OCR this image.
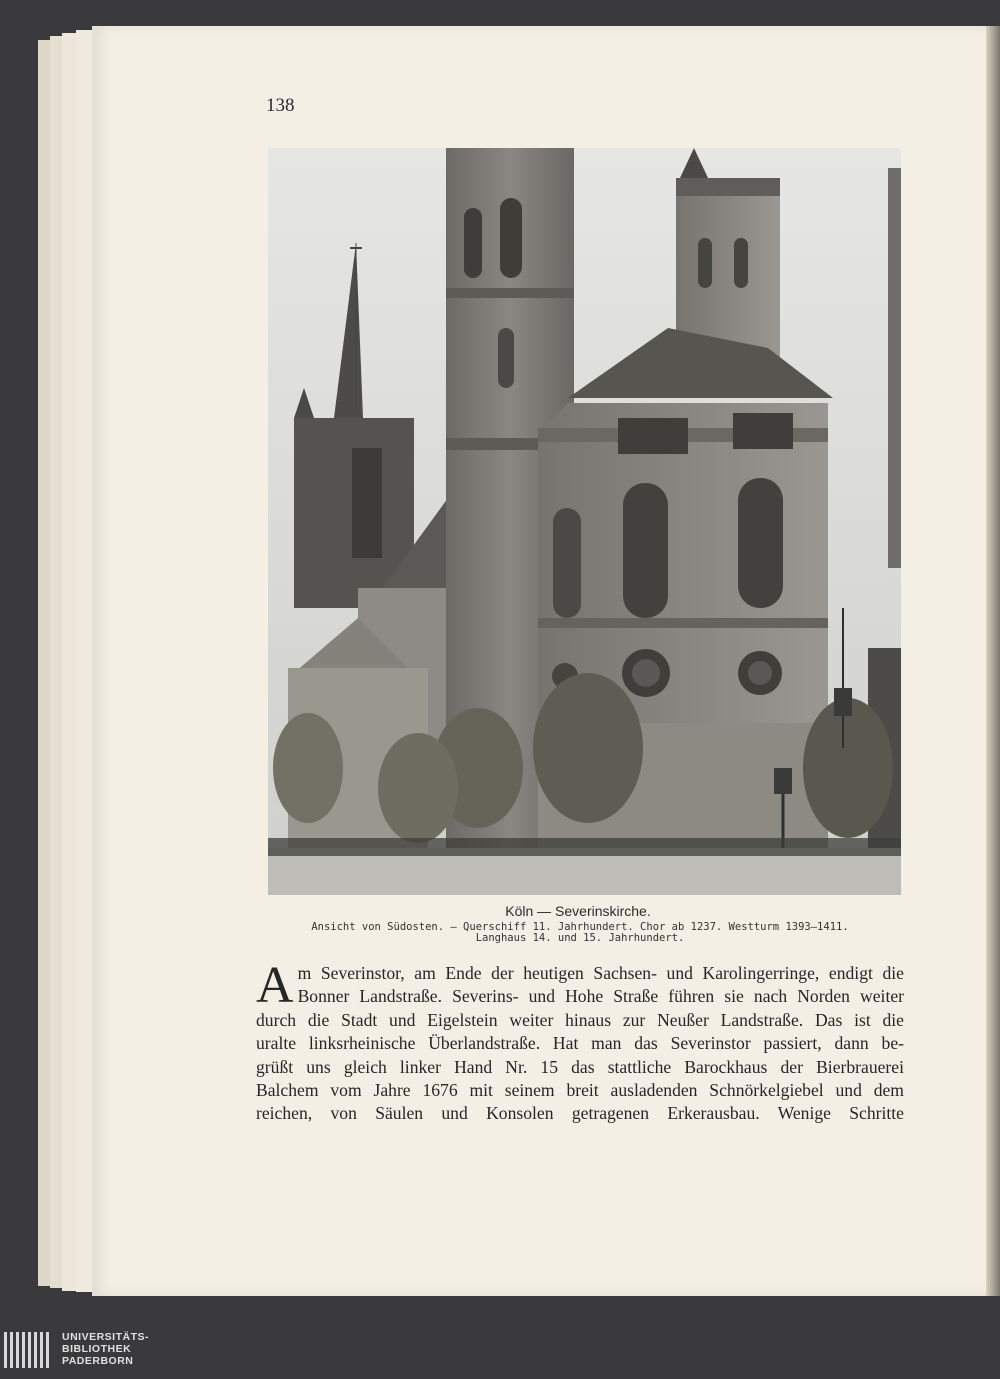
138
Köln — Severinskirche.
Ansicht von Südosten. — Querschiff 11. Jahrhundert. Chor ab 1237. Westturm 1393—1411.
Langhaus 14. und 15. Jahrhundert.
A m Severinstor, am Ende der heutigen Sachsen- und Karolingerringe, endigt die
Bonner Landstraße. Severins- und Hohe Straße führen sie nach Norden weiter
durch die Stadt und Eigelstein weiter hinaus zur Neußer Landstraße. Das ist die
uralte linksrheinische Überlandstraße. Hat man das Severinstor passiert, dann be-
grüßt uns gleich linker Hand Nr. 15 das stattliche Barockhaus der Bierbrauerei
Balchem vom Jahre 1676 mit seinem breit ausladenden Schnörkelgiebel und dem
reichen, von Säulen und Konsolen getragenen Erkerausbau. Wenige Schritte
UNIVERSITÄTS-
BIBLIOTHEK
PADERBORN
